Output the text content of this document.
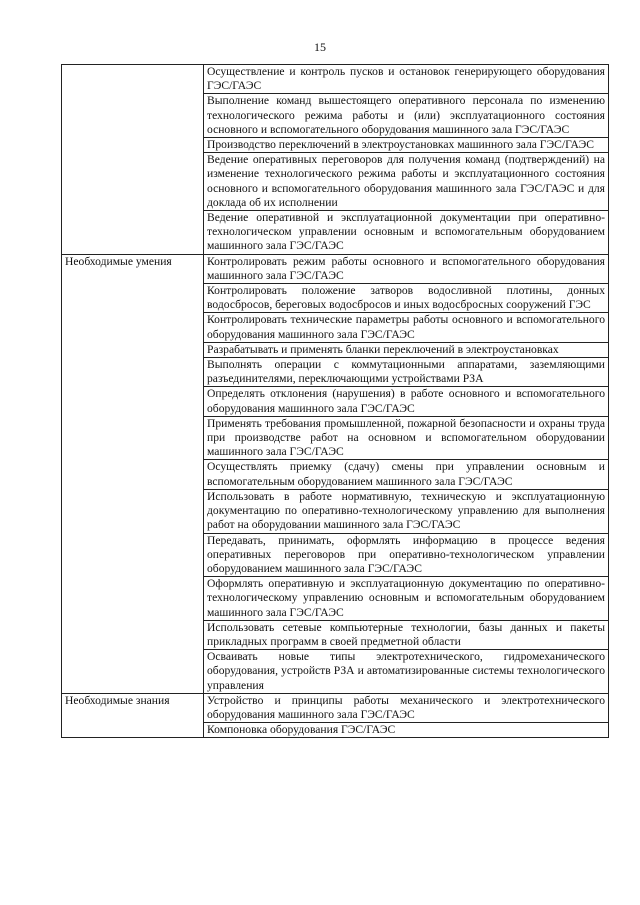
15
	Осуществление и контроль пусков и остановок генерирующего оборудования ГЭС/ГАЭС
	Выполнение команд вышестоящего оперативного персонала по изменению технологического режима работы и (или) эксплуатационного состояния основного и вспомогательного оборудования машинного зала ГЭС/ГАЭС
	Производство переключений в электроустановках машинного зала ГЭС/ГАЭС
	Ведение оперативных переговоров для получения команд (подтверждений) на изменение технологического режима работы и эксплуатационного состояния основного и вспомогательного оборудования машинного зала ГЭС/ГАЭС и для доклада об их исполнении
	Ведение оперативной и эксплуатационной документации при оперативно-технологическом управлении основным и вспомогательным оборудованием машинного зала ГЭС/ГАЭС
Необходимые умения	Контролировать режим работы основного и вспомогательного оборудования машинного зала ГЭС/ГАЭС
	Контролировать положение затворов водосливной плотины, донных водосбросов, береговых водосбросов и иных водосбросных сооружений ГЭС
	Контролировать технические параметры работы основного и вспомогательного оборудования машинного зала ГЭС/ГАЭС
	Разрабатывать и применять бланки переключений в электроустановках
	Выполнять операции с коммутационными аппаратами, заземляющими разъединителями, переключающими устройствами РЗА
	Определять отклонения (нарушения) в работе основного и вспомогательного оборудования машинного зала ГЭС/ГАЭС
	Применять требования промышленной, пожарной безопасности и охраны труда при производстве работ на основном и вспомогательном оборудовании машинного зала ГЭС/ГАЭС
	Осуществлять приемку (сдачу) смены при управлении основным и вспомогательным оборудованием машинного зала ГЭС/ГАЭС
	Использовать в работе нормативную, техническую и эксплуатационную документацию по оперативно-технологическому управлению для выполнения работ на оборудовании машинного зала ГЭС/ГАЭС
	Передавать, принимать, оформлять информацию в процессе ведения оперативных переговоров при оперативно-технологическом управлении оборудованием машинного зала ГЭС/ГАЭС
	Оформлять оперативную и эксплуатационную документацию по оперативно-технологическому управлению основным и вспомогательным оборудованием машинного зала ГЭС/ГАЭС
	Использовать сетевые компьютерные технологии, базы данных и пакеты прикладных программ в своей предметной области
	Осваивать новые типы электротехнического, гидромеханического оборудования, устройств РЗА и автоматизированные системы технологического управления
Необходимые знания	Устройство и принципы работы механического и электротехнического оборудования машинного зала ГЭС/ГАЭС
	Компоновка оборудования ГЭС/ГАЭС
